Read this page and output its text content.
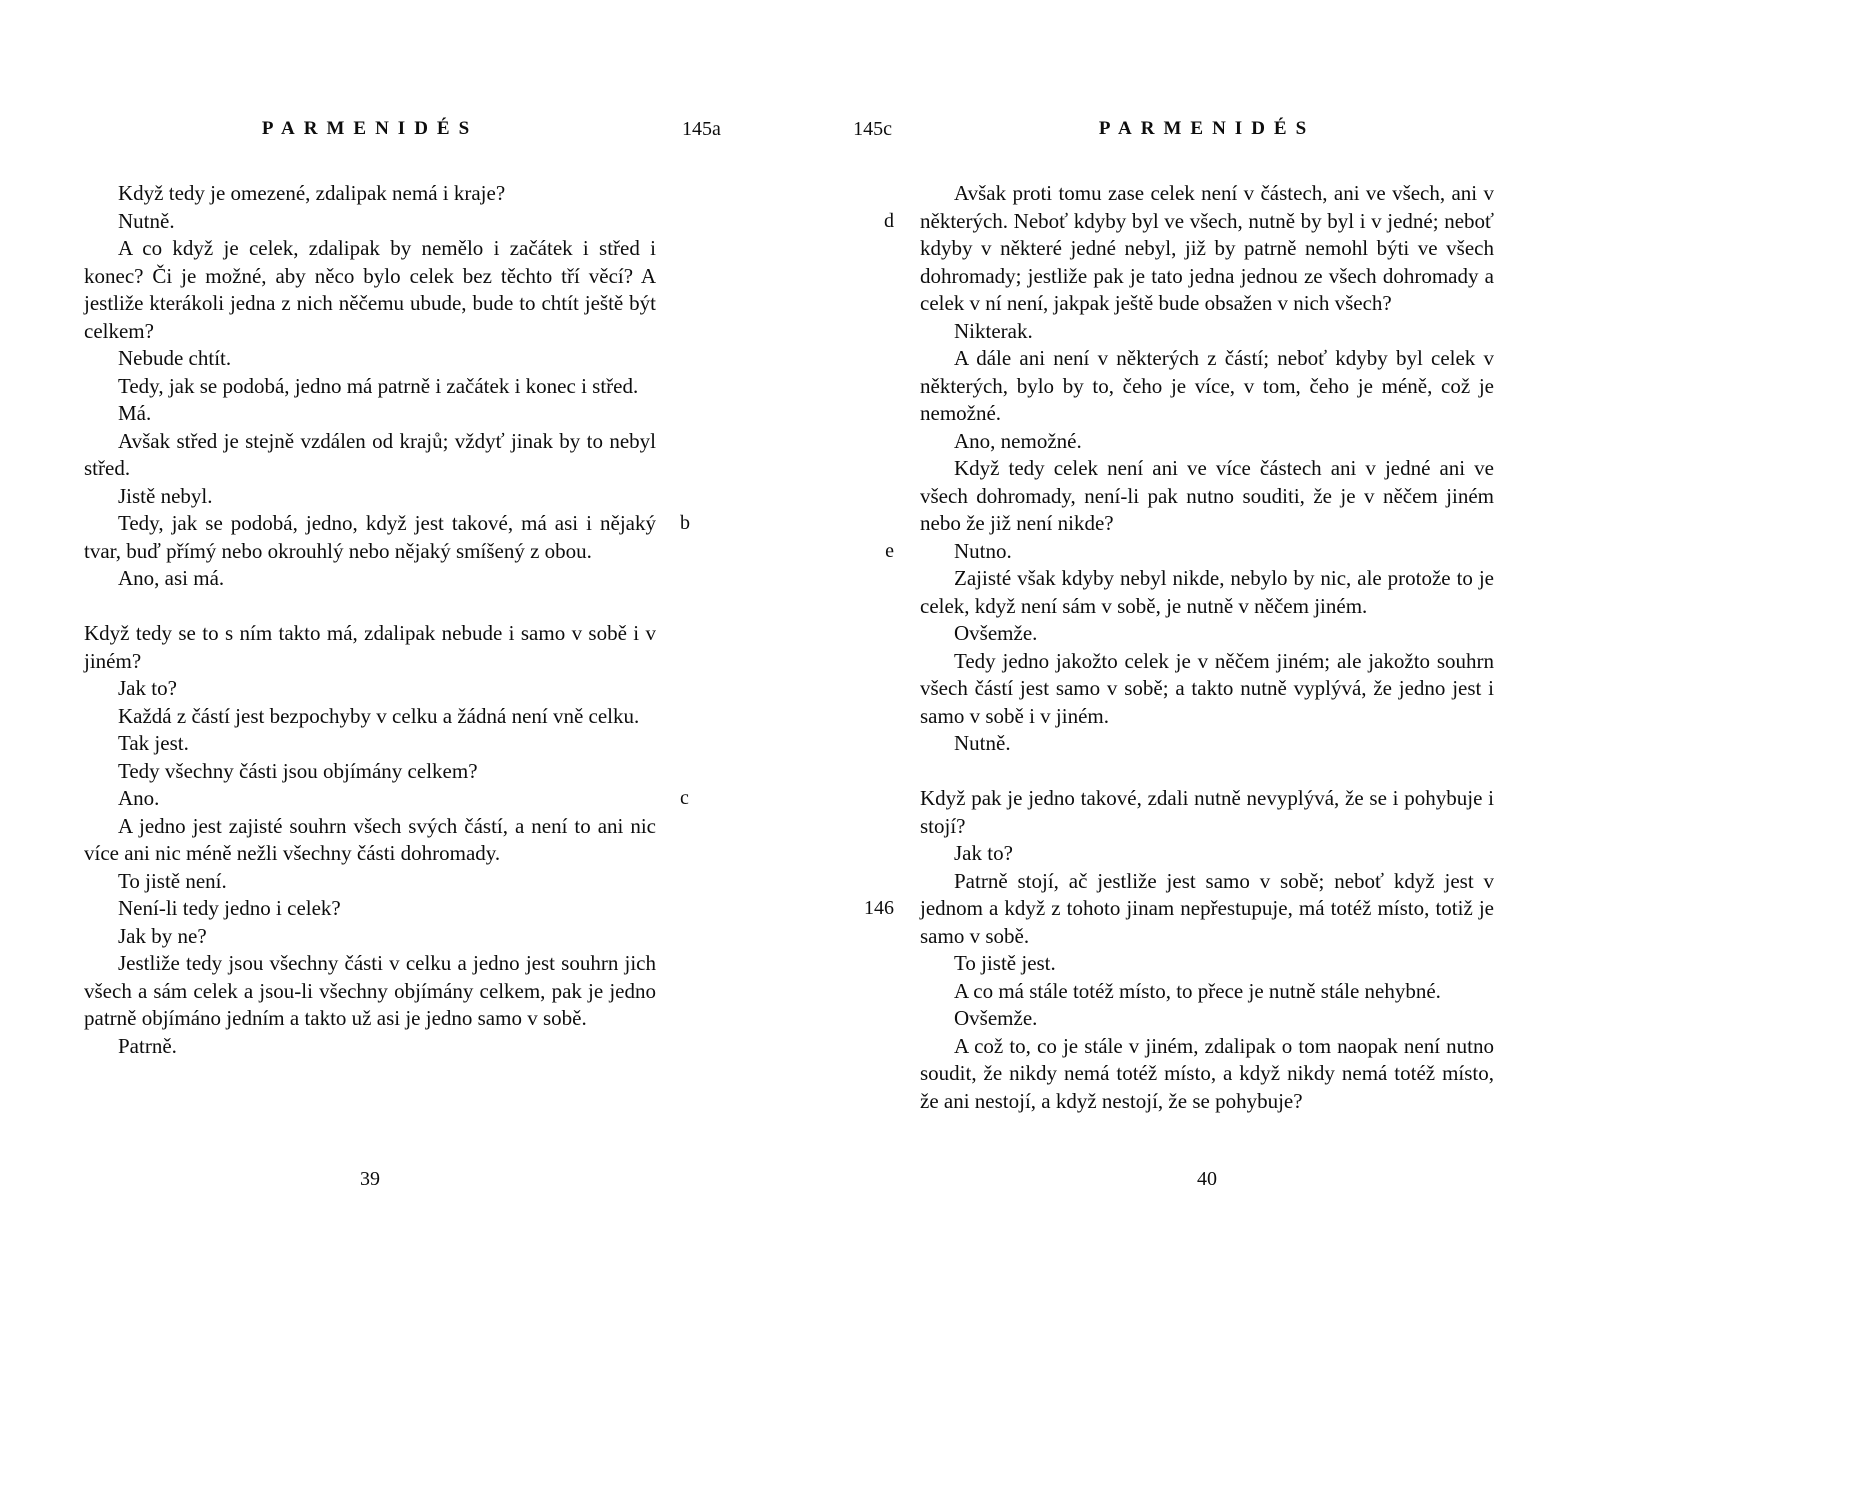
PARMENIDÉS	145a

Když tedy je omezené, zdalipak nemá i kraje?

Nutně.

A co když je celek, zdalipak by nemělo i začátek i střed i konec? Či je možné, aby něco bylo celek bez těchto tří věcí? A jestliže kterákoli jedna z nich něčemu ubude, bude to chtít ještě být celkem?

Nebude chtít.

Tedy, jak se podobá, jedno má patrně i začátek i konec i střed.

Má.

Avšak střed je stejně vzdálen od krajů; vždyť jinak by to nebyl střed.

Jistě nebyl.

Tedy, jak se podobá, jedno, když jest takové, má asi i nějaký tvar, buď přímý nebo okrouhlý nebo nějaký smíšený z obou.

b

Ano, asi má.

Když tedy se to s ním takto má, zdalipak nebude i samo v sobě i v jiném?

Jak to?

Každá z částí jest bezpochyby v celku a žádná není vně celku.

Tak jest.

Tedy všechny části jsou objímány celkem?

Ano.	c

A jedno jest zajisté souhrn všech svých částí, a není to ani nic více ani nic méně nežli všechny části dohromady.

To jistě není.

Není-li tedy jedno i celek?

Jak by ne?

Jestliže tedy jsou všechny části v celku a jedno jest souhrn jich všech a sám celek a jsou-li všechny objímány celkem, pak je jedno patrně objímáno jedním a takto už asi je jedno samo v sobě.

Patrně.

39
PARMENIDÉS
145c

Avšak proti tomu zase celek není v částech, ani ve všech, ani v některých. Neboť kdyby byl ve všech, nutně by byl i v jedné; neboť kdyby v některé jedné nebyl, již by patrně nemohl býti ve všech dohromady; jestliže pak je tato jedna jednou ze všech dohromady a celek v ní není, jakpak ještě bude obsažen v nich všech?

d

Nikterak.

A dále ani není v některých z částí; neboť kdyby byl celek v některých, bylo by to, čeho je více, v tom, čeho je méně, což je nemožné.

Ano, nemožné.

Když tedy celek není ani ve více částech ani v jedné ani ve všech dohromady, není-li pak nutno souditi, že je v něčem jiném nebo že již není nikde?

Nutno.

e

Zajisté však kdyby nebyl nikde, nebylo by nic, ale protože to je celek, když není sám v sobě, je nutně v něčem jiném.

Ovšemže.

Tedy jedno jakožto celek je v něčem jiném; ale jakožto souhrn všech částí jest samo v sobě; a takto nutně vyplývá, že jedno jest i samo v sobě i v jiném.

Nutně.

Když pak je jedno takové, zdali nutně nevyplývá, že se i pohybuje i stojí?

Jak to?

Patrně stojí, ač jestliže jest samo v sobě; neboť když jest v jednom a když z tohoto jinam nepřestupuje, má totéž místo, totiž je samo v sobě.

146

To jistě jest.

A co má stále totéž místo, to přece je nutně stále nehybné.

Ovšemže.

A což to, co je stále v jiném, zdalipak o tom naopak není nutno soudit, že nikdy nemá totéž místo, a když nikdy nemá totéž místo, že ani nestojí, a když nestojí, že se pohybuje?

40
